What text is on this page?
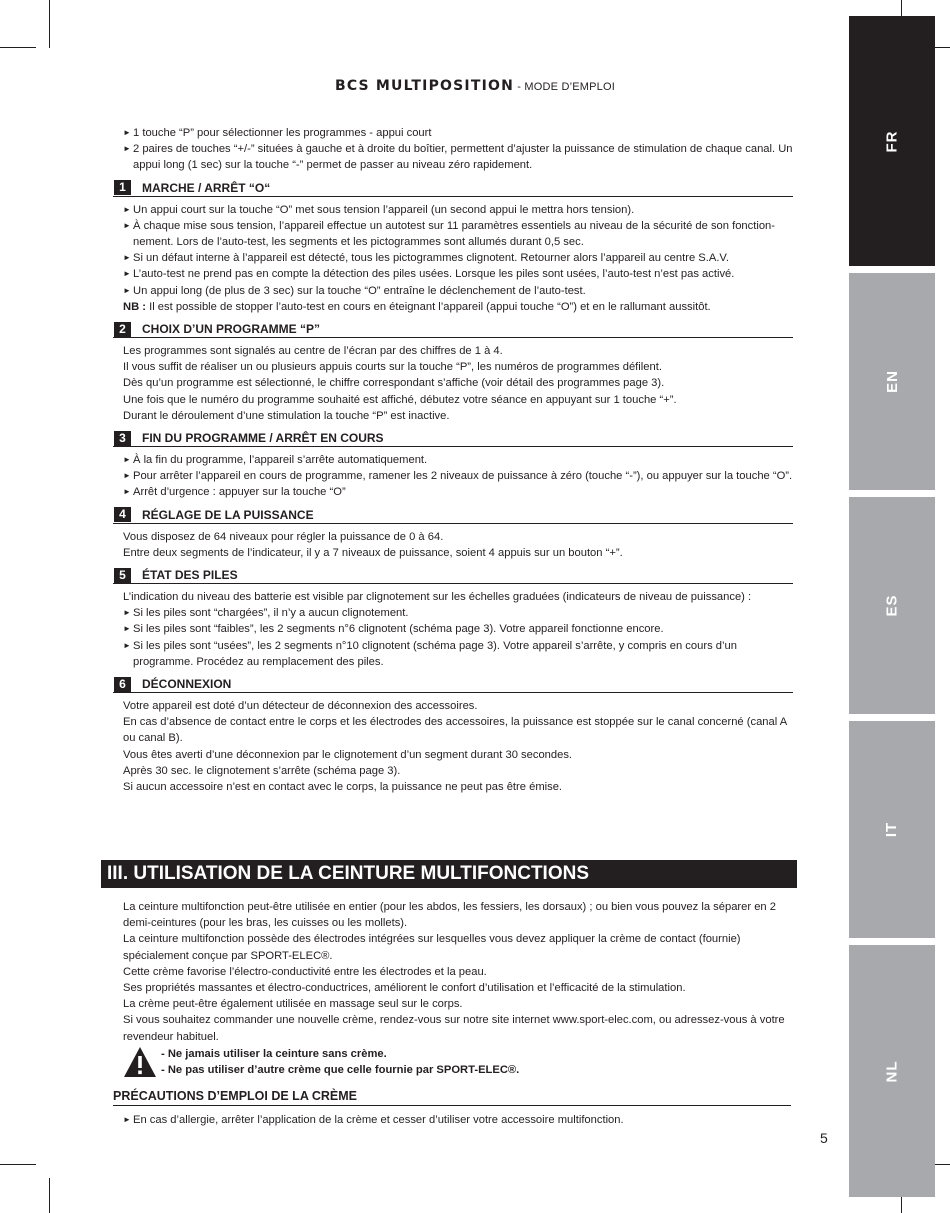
FR
EN
ES
IT
NL
BCS MULTIPOSITION - MODE D’EMPLOI
► 1 touche “P” pour sélectionner les programmes - appui court
► 2 paires de touches “+/-” situées à gauche et à droite du boîtier, permettent d’ajuster la puissance de stimulation de chaque canal. Un appui long (1 sec) sur la touche “-” permet de passer au niveau zéro rapidement.
1	MARCHE / ARRÊT “O“
► Un appui court sur la touche “O” met sous tension l’appareil (un second appui le mettra hors tension).
► À chaque mise sous tension, l’appareil effectue un autotest sur 11 paramètres essentiels au niveau de la sécurité de son fonction-nement. Lors de l’auto-test, les segments et les pictogrammes sont allumés durant 0,5 sec.
► Si un défaut interne à l’appareil est détecté, tous les pictogrammes clignotent. Retourner alors l’appareil au centre S.A.V.
► L’auto-test ne prend pas en compte la détection des piles usées. Lorsque les piles sont usées, l’auto-test n’est pas activé.
► Un appui long (de plus de 3 sec) sur la touche “O” entraîne le déclenchement de l’auto-test.
NB : Il est possible de stopper l’auto-test en cours en éteignant l’appareil (appui touche “O”) et en le rallumant aussitôt.
2	CHOIX D’UN PROGRAMME “P”

Les programmes sont signalés au centre de l’écran par des chiffres de 1 à 4.

Il vous suffit de réaliser un ou plusieurs appuis courts sur la touche “P”, les numéros de programmes défilent.

Dès qu’un programme est sélectionné, le chiffre correspondant s’affiche (voir détail des programmes page 3).

Une fois que le numéro du programme souhaité est affiché, débutez votre séance en appuyant sur 1 touche “+”.

Durant le déroulement d’une stimulation la touche “P” est inactive.

3	FIN DU PROGRAMME / ARRÊT EN COURS
► À la fin du programme, l’appareil s’arrête automatiquement.
► Pour arrêter l’appareil en cours de programme, ramener les 2 niveaux de puissance à zéro (touche “-”), ou appuyer sur la touche “O”.
► Arrêt d’urgence : appuyer sur la touche “O”
4	RÉGLAGE DE LA PUISSANCE

Vous disposez de 64 niveaux pour régler la puissance de 0 à 64.

Entre deux segments de l’indicateur, il y a 7 niveaux de puissance, soient 4 appuis sur un bouton “+”.

5	ÉTAT DES PILES
L’indication du niveau des batterie est visible par clignotement sur les échelles graduées (indicateurs de niveau de puissance) :
► Si les piles sont “chargées”, il n’y a aucun clignotement.
► Si les piles sont “faibles”, les 2 segments n°6 clignotent (schéma page 3). Votre appareil fonctionne encore.
► Si les piles sont “usées”, les 2 segments n°10 clignotent (schéma page 3). Votre appareil s’arrête, y compris en cours d’un programme. Procédez au remplacement des piles.
6	DÉCONNEXION

Votre appareil est doté d’un détecteur de déconnexion des accessoires.

En cas d’absence de contact entre le corps et les électrodes des accessoires, la puissance est stoppée sur le canal concerné (canal A ou canal B).

Vous êtes averti d’une déconnexion par le clignotement d’un segment durant 30 secondes.

Après 30 sec. le clignotement s’arrête (schéma page 3).

Si aucun accessoire n’est en contact avec le corps, la puissance ne peut pas être émise.

III. UTILISATION DE LA CEINTURE MULTIFONCTIONS

La ceinture multifonction peut-être utilisée en entier (pour les abdos, les fessiers, les dorsaux) ; ou bien vous pouvez la séparer en 2 demi-ceintures (pour les bras, les cuisses ou les mollets).

La ceinture multifonction possède des électrodes intégrées sur lesquelles vous devez appliquer la crème de contact (fournie) spécialement conçue par SPORT-ELEC®.

Cette crème favorise l’électro-conductivité entre les électrodes et la peau.

Ses propriétés massantes et électro-conductrices, améliorent le confort d’utilisation et l’efficacité de la stimulation.

La crème peut-être également utilisée en massage seul sur le corps.

Si vous souhaitez commander une nouvelle crème, rendez-vous sur notre site internet www.sport-elec.com, ou adressez-vous à votre revendeur habituel.

- Ne jamais utiliser la ceinture sans crème.
- Ne pas utiliser d’autre crème que celle fournie par SPORT-ELEC®.
PRÉCAUTIONS D’EMPLOI DE LA CRÈME
► En cas d’allergie, arrêter l’application de la crème et cesser d’utiliser votre accessoire multifonction.
5
